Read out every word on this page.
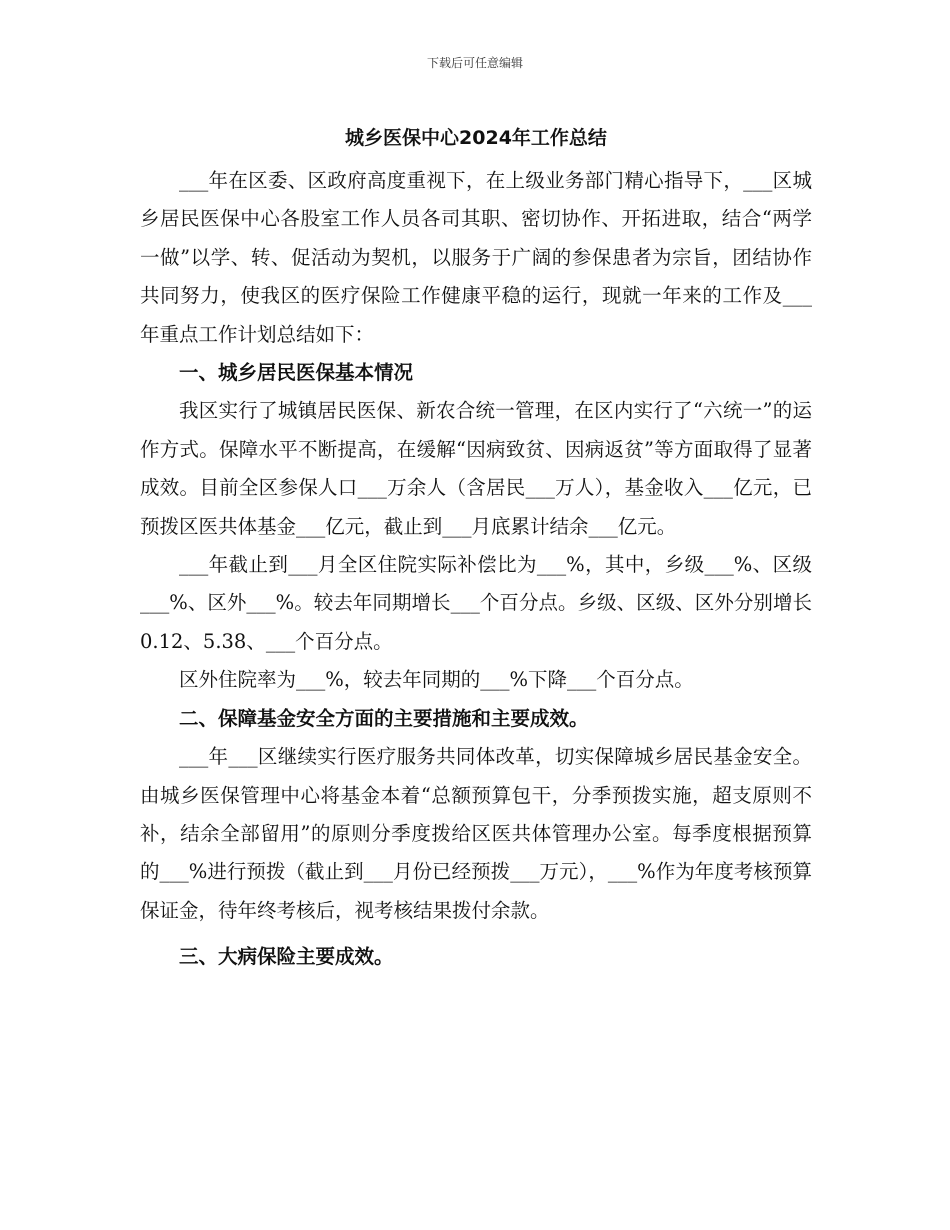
下载后可任意编辑
城乡医保中心2024年工作总结

___年在区委、区政府高度重视下，在上级业务部门精心指导下，___区城乡居民医保中心各股室工作人员各司其职、密切协作、开拓进取，结合“两学一做”以学、转、促活动为契机，以服务于广阔的参保患者为宗旨，团结协作共同努力，使我区的医疗保险工作健康平稳的运行，现就一年来的工作及___年重点工作计划总结如下：

一、城乡居民医保基本情况

我区实行了城镇居民医保、新农合统一管理，在区内实行了“六统一”的运作方式。保障水平不断提高，在缓解“因病致贫、因病返贫”等方面取得了显著成效。目前全区参保人口___万余人（含居民___万人），基金收入___亿元，已预拨区医共体基金___亿元，截止到___月底累计结余___亿元。

___年截止到___月全区住院实际补偿比为___%，其中，乡级___%、区级___%、区外___%。较去年同期增长___个百分点。乡级、区级、区外分别增长0.12、5.38、___个百分点。

区外住院率为___%，较去年同期的___%下降___个百分点。

二、保障基金安全方面的主要措施和主要成效。

___年___区继续实行医疗服务共同体改革，切实保障城乡居民基金安全。由城乡医保管理中心将基金本着“总额预算包干，分季预拨实施，超支原则不补，结余全部留用”的原则分季度拨给区医共体管理办公室。每季度根据预算的___%进行预拨（截止到___月份已经预拨___万元），___%作为年度考核预算保证金，待年终考核后，视考核结果拨付余款。

三、大病保险主要成效。
